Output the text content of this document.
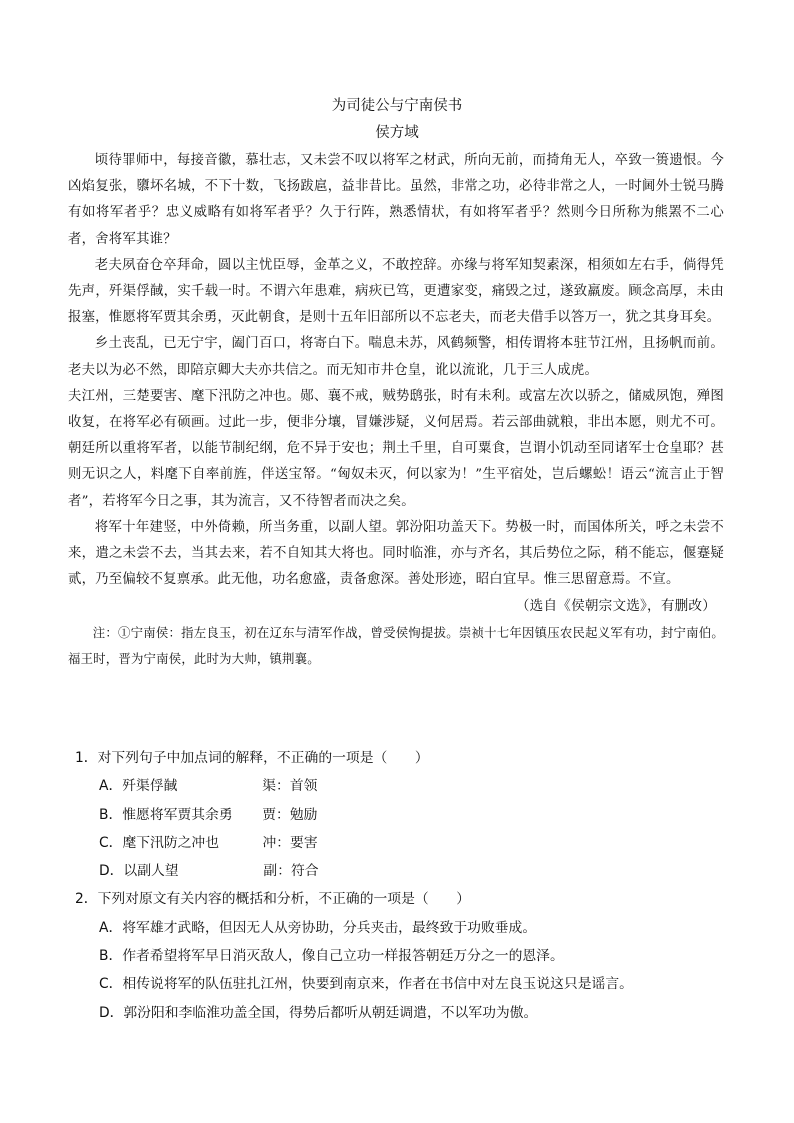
为司徒公与宁南侯书
侯方域

顷待罪师中，每接音徽，慕壮志，又未尝不叹以将军之材武，所向无前，而掎角无人，卒致一篑遗恨。今凶焰复张，隳坏名城，不下十数，飞扬跋扈，益非昔比。虽然，非常之功，必待非常之人，一时阃外士锐马腾有如将军者乎？忠义威略有如将军者乎？久于行阵，熟悉情状，有如将军者乎？然则今日所称为熊罴不二心者，舍将军其谁？

老夫夙奋仓卒拜命，圆以主忧臣辱，金革之义，不敢控辞。亦缘与将军知契素深，相须如左右手，倘得凭先声，歼渠俘馘，实千载一时。不谓六年患难，病疢已笃，更遭家变，痛毁之过，遂致羸废。顾念高厚，未由报塞，惟愿将军贾其余勇，灭此朝食，是则十五年旧部所以不忘老夫，而老夫借手以答万一，犹之其身耳矣。

乡土丧乱，已无宁宇，阖门百口，将寄白下。喘息未苏，风鹤频警，相传谓将本驻节江州，且扬帆而前。老夫以为必不然，即陪京卿大夫亦共信之。而无知市井仓皇，讹以流讹，几于三人成虎。

夫江州，三楚要害、麾下汛防之冲也。郧、襄不戒，贼势鸱张，时有未利。或富左次以骄之，储威夙饱，殚图收复，在将军必有硕画。过此一步，便非分壤，冒嫌涉疑，义何居焉。若云部曲就粮，非出本愿，则尤不可。朝廷所以重将军者，以能节制纪纲，危不异于安也；荆土千里，自可粟食，岂谓小饥动至同诸军士仓皇耶？甚则无识之人，料麾下自率前旌，伴送宝帑。“匈奴未灭，何以家为！”生平宿处，岂后螺蚣！语云“流言止于智者”，若将军今日之事，其为流言，又不待智者而决之矣。

将军十年建竖，中外倚赖，所当务重，以副人望。郭汾阳功盖天下。势极一时，而国体所关，呼之未尝不来，遣之未尝不去，当其去来，若不自知其大将也。同时临淮，亦与齐名，其后势位之际，稍不能忘，偃蹇疑贰，乃至偏较不复禀承。此无他，功名愈盛，责备愈深。善处形迹，昭白宜早。惟三思留意焉。不宣。

（选自《侯朝宗文选》，有删改）

注：①宁南侯：指左良玉，初在辽东与清军作战，曾受侯恂提拔。崇祯十七年因镇压农民起义军有功，封宁南伯。福王时，晋为宁南侯，此时为大帅，镇荆襄。

1．对下列句子中加点词的解释，不正确的一项是（　　）
A．歼渠俘馘	渠：首领
B．惟愿将军贾其余勇 贾：勉励
C．麾下汛防之冲也	冲：要害
D．以副人望	副：符合
2．下列对原文有关内容的概括和分析，不正确的一项是（　　）
A．将军雄才武略，但因无人从旁协助，分兵夹击，最终致于功败垂成。
B．作者希望将军早日消灭敌人，像自己立功一样报答朝廷万分之一的恩泽。
C．相传说将军的队伍驻扎江州，快要到南京来，作者在书信中对左良玉说这只是谣言。
D．郭汾阳和李临淮功盖全国，得势后都听从朝廷调遣，不以军功为傲。
